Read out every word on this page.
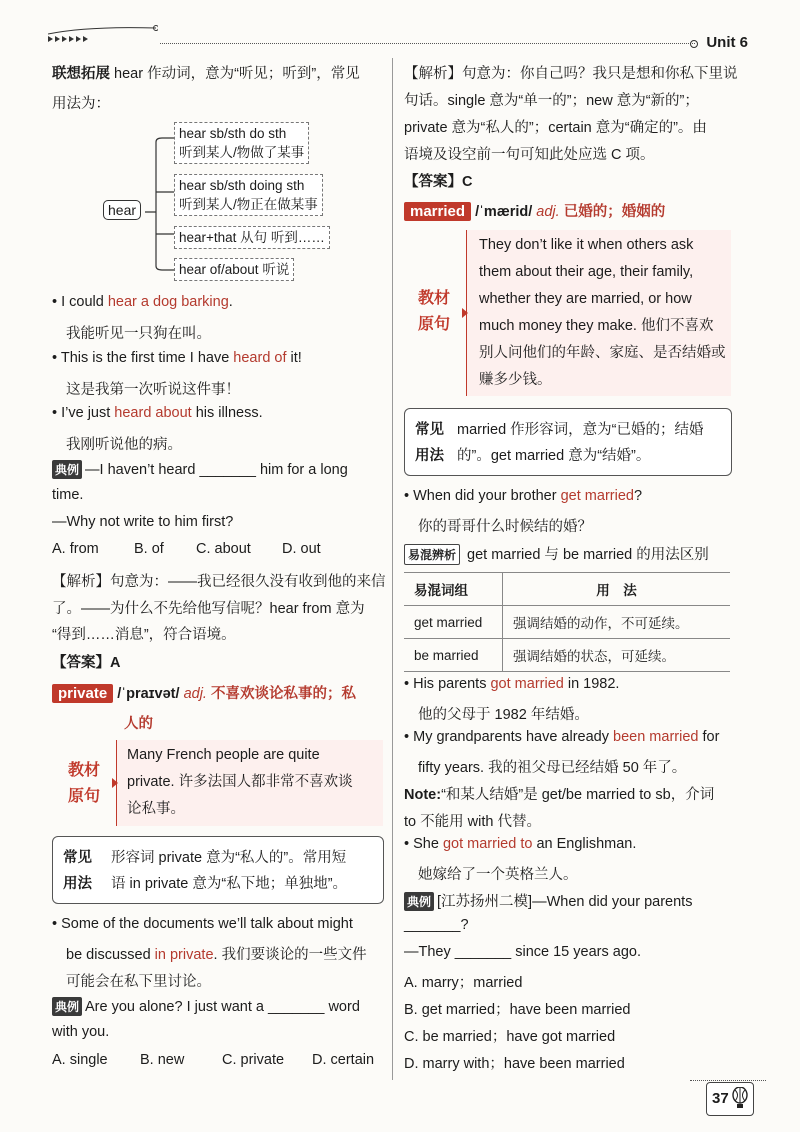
Unit 6
联想拓展 hear 作动词，意为“听见；听到”，常见
用法为：
hear
hear sb/sth do sth
听到某人/物做了某事
hear sb/sth doing sth
听到某人/物正在做某事
hear+that 从句 听到……
hear of/about 听说
• I could hear a dog barking.
我能听见一只狗在叫。
• This is the first time I have heard of it!
这是我第一次听说这件事！
• I’ve just heard about his illness.
我刚听说他的病。
典例 —I haven’t heard _______ him for a long
time.
—Why not write to him first?
A. from B. of C. about D. out
【解析】句意为：——我已经很久没有收到他的来信
了。——为什么不先给他写信呢？hear from 意为
“得到……消息”，符合语境。
【答案】A
private /ˈpraɪvət/ adj. 不喜欢谈论私事的；私
人的
教材
原句
Many French people are quite
private. 许多法国人都非常不喜欢谈
论私事。
常见
用法
形容词 private 意为“私人的”。常用短
语 in private 意为“私下地；单独地”。
• Some of the documents we’ll talk about might
be discussed in private. 我们要谈论的一些文件
可能会在私下里讨论。
典例 Are you alone? I just want a _______ word
with you.
A. single B. new	C. private D. certain
【解析】句意为：你自己吗？我只是想和你私下里说
句话。single 意为“单一的”；new 意为“新的”；
private 意为“私人的”；certain 意为“确定的”。由
语境及设空前一句可知此处应选 C 项。
【答案】C
married /ˈmærid/ adj. 已婚的；婚姻的
教材
原句
They don’t like it when others ask
them about their age, their family,
whether they are married, or how
much money they make. 他们不喜欢
别人问他们的年龄、家庭、是否结婚或
赚多少钱。
常见
用法
married 作形容词，意为“已婚的；结婚
的”。get married 意为“结婚”。
• When did your brother get married?
你的哥哥什么时候结的婚？
易混辨析 get married 与 be married 的用法区别
易混词组	用　法
get married	强调结婚的动作，不可延续。
be married	强调结婚的状态，可延续。
• His parents got married in 1982.
他的父母于 1982 年结婚。
• My grandparents have already been married for
fifty years. 我的祖父母已经结婚 50 年了。
Note:“和某人结婚”是 get/be married to sb，介词
to 不能用 with 代替。
• She got married to an Englishman.
她嫁给了一个英格兰人。
典例 [江苏扬州二模]—When did your parents
_______?
—They _______ since 15 years ago.
A. marry；married
B. get married；have been married
C. be married；have got married
D. marry with；have been married
37
